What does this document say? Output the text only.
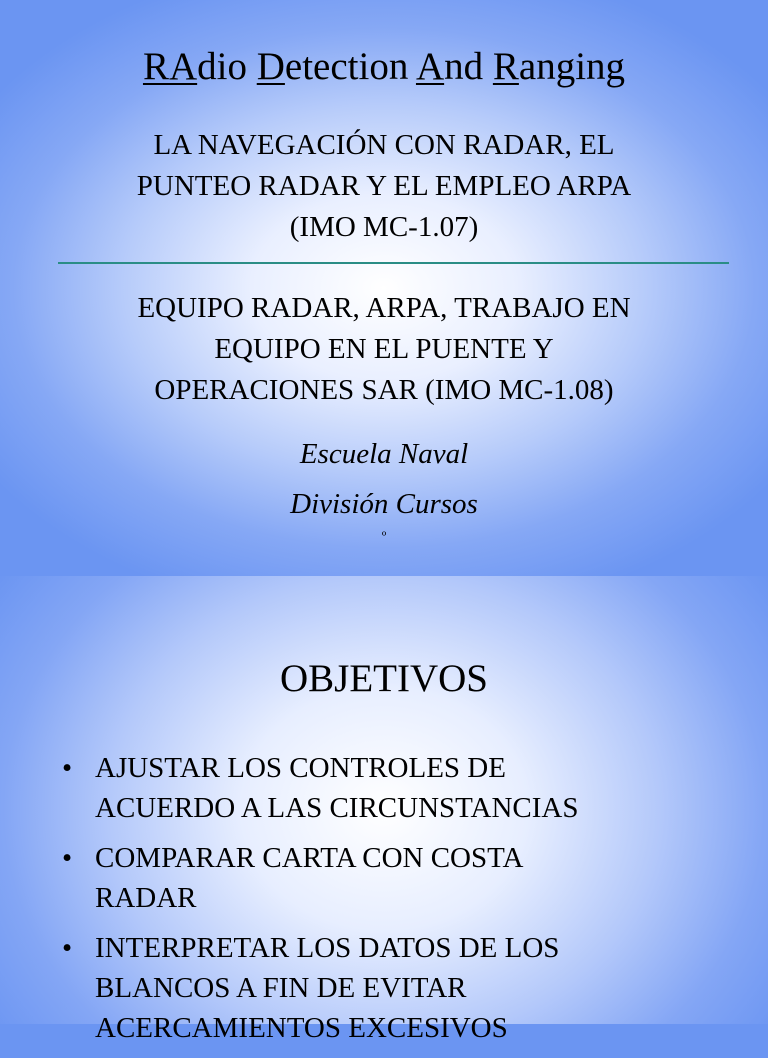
RAdio Detection And Ranging
LA NAVEGACIÓN CON RADAR, EL
PUNTEO RADAR Y EL EMPLEO ARPA
(IMO MC-1.07)
EQUIPO RADAR, ARPA, TRABAJO EN
EQUIPO EN EL PUENTE Y
OPERACIONES SAR (IMO MC-1.08)
Escuela Naval
División Cursos
º
OBJETIVOS
• AJUSTAR LOS CONTROLES DE
ACUERDO A LAS CIRCUNSTANCIAS
• COMPARAR CARTA CON COSTA
RADAR
• INTERPRETAR LOS DATOS DE LOS
BLANCOS A FIN DE EVITAR
ACERCAMIENTOS EXCESIVOS
